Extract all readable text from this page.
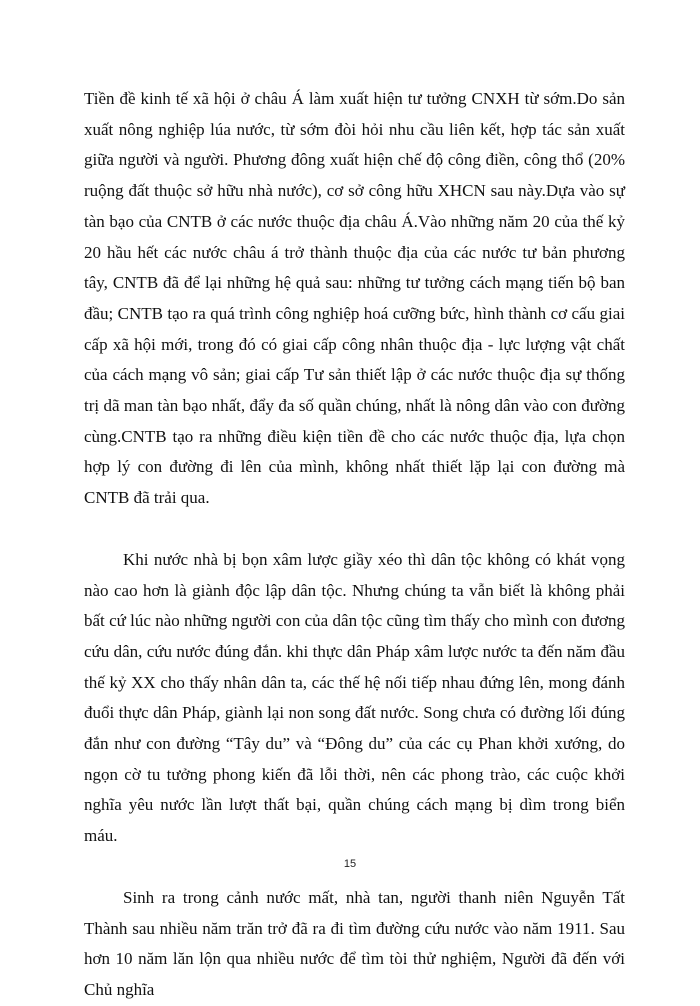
Tiền đề kinh tế xã hội ở châu Á làm xuất hiện tư tưởng CNXH từ sớm.Do sản xuất nông nghiệp lúa nước, từ sớm đòi hỏi nhu cầu liên kết, hợp tác sản xuất giữa người và người. Phương đông xuất hiện chế độ công điền, công thổ (20% ruộng đất thuộc sở hữu nhà nước), cơ sở công hữu XHCN sau này.Dựa vào sự tàn bạo của CNTB ở các nước thuộc địa châu Á.Vào những năm 20 của thế kỷ 20 hầu hết các nước châu á trở thành thuộc địa của các nước tư bản phương tây, CNTB đã để lại những hệ quả sau: những tư tưởng cách mạng tiến bộ ban đầu; CNTB tạo ra quá trình công nghiệp hoá cưỡng bức, hình thành cơ cấu giai cấp xã hội mới, trong đó có giai cấp công nhân thuộc địa - lực lượng vật chất của cách mạng vô sản; giai cấp Tư sản thiết lập ở các nước thuộc địa sự thống trị dã man tàn bạo nhất, đẩy đa số quần chúng, nhất là nông dân vào con đường cùng.CNTB tạo ra những điều kiện tiền đề cho các nước thuộc địa, lựa chọn hợp lý con đường đi lên của mình, không nhất thiết lặp lại con đường mà CNTB đã trải qua.

Khi nước nhà bị bọn xâm lược giầy xéo thì dân tộc không có khát vọng nào cao hơn là giành độc lập dân tộc. Nhưng chúng ta vẫn biết là không phải bất cứ lúc nào những người con của dân tộc cũng tìm thấy cho mình con đương cứu dân, cứu nước đúng đắn. khi thực dân Pháp xâm lược nước ta đến năm đầu thế kỷ XX cho thấy nhân dân ta, các thế hệ nối tiếp nhau đứng lên, mong đánh đuổi thực dân Pháp, giành lại non song đất nước. Song chưa có đường lối đúng đắn như con đường “Tây du” và “Đông du” của các cụ Phan khởi xướng, do ngọn cờ tu tưởng phong kiến đã lỗi thời, nên các phong trào, các cuộc khởi nghĩa yêu nước lần lượt thất bại, quần chúng cách mạng bị dìm trong biển máu.

Sinh ra trong cảnh nước mất, nhà tan, người thanh niên Nguyễn Tất Thành sau nhiều năm trăn trở đã ra đi tìm đường cứu nước vào năm 1911. Sau hơn 10 năm lăn lộn qua nhiều nước để tìm tòi thử nghiệm, Người đã đến với Chủ nghĩa

15
